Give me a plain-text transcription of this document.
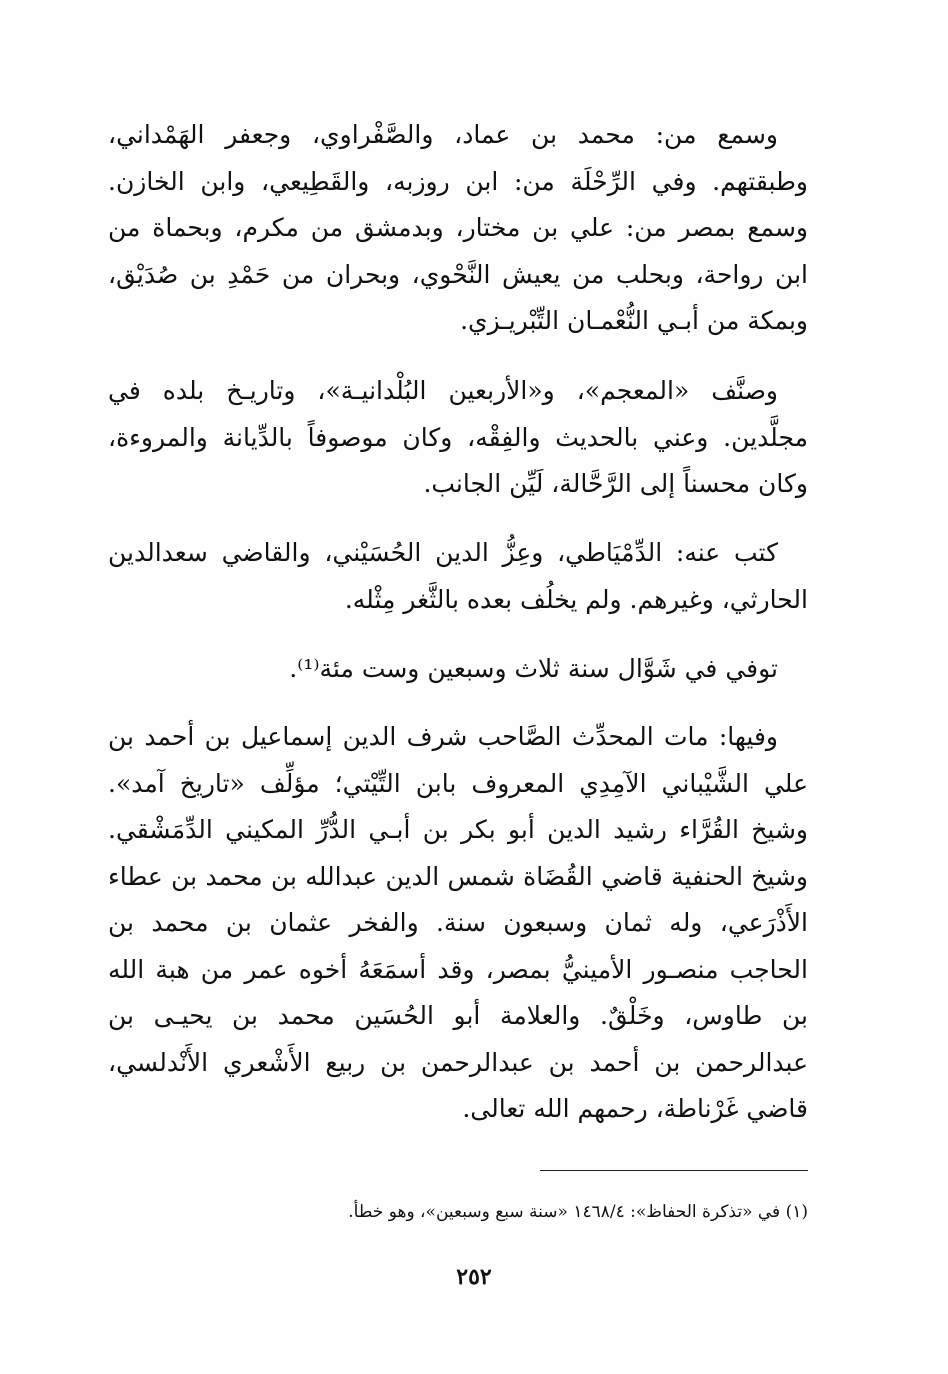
وسمع من: محمد بن عماد، والصَّفْراوي، وجعفر الهَمْداني، وطبقتهم. وفي الرِّحْلَة من: ابن روزبه، والقَطِيعي، وابن الخازن. وسمع بمصر من: علي بن مختار، وبدمشق من مكرم، وبحماة من ابن رواحة، وبحلب من يعيش النَّحْوي، وبحران من حَمْدِ بن صُدَيْق، وبمكة من أبـي النُّعْمـان التِّبْريـزي.

وصنَّف «المعجم»، و«الأربعين البُلْدانيـة»، وتاريـخ بلده في مجلَّدين. وعني بالحديث والفِقْه، وكان موصوفاً بالدِّيانة والمروءة، وكان محسناً إلى الرَّحَّالة، لَيِّن الجانب.

كتب عنه: الدِّمْيَاطي، وعِزُّ الدين الحُسَيْني، والقاضي سعدالدين الحارثي، وغيرهم. ولم يخلُف بعده بالثَّغر مِثْله.

توفي في شَوَّال سنة ثلاث وسبعين وست مئة⁽¹⁾.

وفيها: مات المحدِّث الصَّاحب شرف الدين إسماعيل بن أحمد بن علي الشَّيْباني الآمِدِي المعروف بابن التِّيْتي؛ مؤلِّف «تاريخ آمد». وشيخ القُرَّاء رشيد الدين أبو بكر بن أبـي الدُّرِّ المكيني الدِّمَشْقي. وشيخ الحنفية قاضي القُضَاة شمس الدين عبدالله بن محمد بن عطاء الأَذْرَعي، وله ثمان وسبعون سنة. والفخر عثمان بن محمد بن الحاجب منصـور الأمينيُّ بمصر، وقد أسمَعَهُ أخوه عمر من هبة الله بن طاوس، وخَلْقٌ. والعلامة أبو الحُسَين محمد بن يحيـى بن عبدالرحمن بن أحمد بن عبدالرحمن بن ربيع الأَشْعري الأَنْدلسي، قاضي غَرْناطة، رحمهم الله تعالى.

(١) في «تذكرة الحفاظ»: ١٤٦٨/٤ «سنة سبع وسبعين»، وهو خطأ.

٢٥٢
